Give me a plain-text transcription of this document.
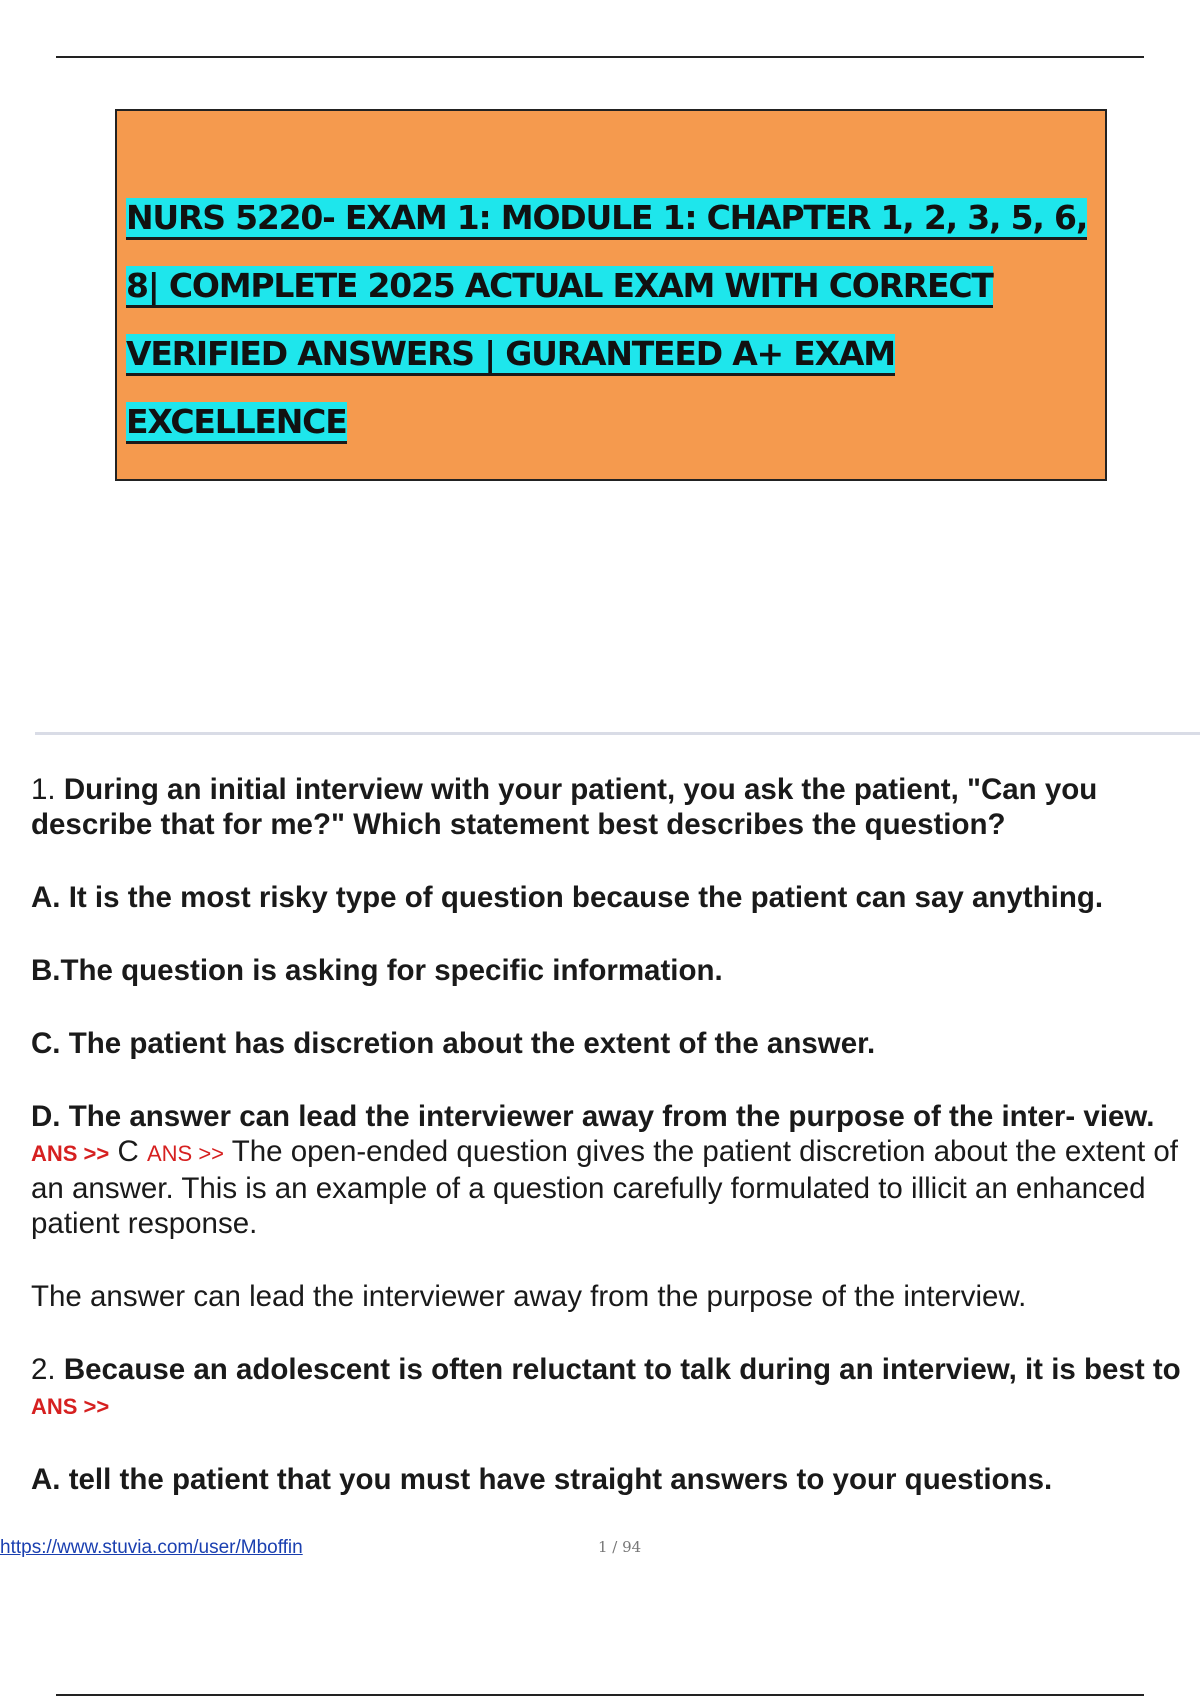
NURS 5220- EXAM 1: MODULE 1: CHAPTER 1, 2, 3, 5, 6,
8| COMPLETE 2025 ACTUAL EXAM WITH CORRECT
VERIFIED ANSWERS | GURANTEED A+ EXAM
EXCELLENCE

1. During an initial interview with your patient, you ask the patient, "Can you describe that for me?" Which statement best describes the question?

A. It is the most risky type of question because the patient can say anything.

B.The question is asking for specific information.

C. The patient has discretion about the extent of the answer.

D. The answer can lead the interviewer away from the purpose of the inter- view. ANS >> C ANS >> The open-ended question gives the patient discretion about the extent of an answer. This is an example of a question carefully formulated to illicit an enhanced patient response.

The answer can lead the interviewer away from the purpose of the interview.

2. Because an adolescent is often reluctant to talk during an interview, it is best to ANS >>

A. tell the patient that you must have straight answers to your questions.

https://www.stuvia.com/user/Mboffin	1 / 94
